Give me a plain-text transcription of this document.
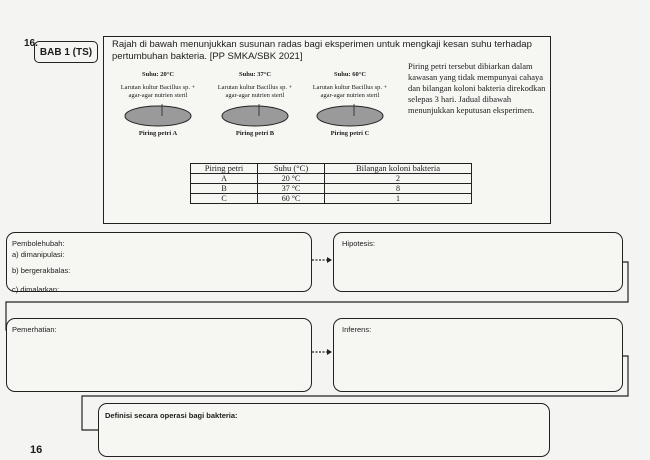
16.
BAB 1 (TS)
Rajah di bawah menunjukkan susunan radas bagi eksperimen untuk mengkaji kesan suhu terhadap pertumbuhan bakteria. [PP SMKA/SBK 2021]
Suhu: 20°C
Larutan kultur Bacillus sp. + agar-agar nutrien steril
Piring petri A
Suhu: 37°C
Larutan kultur Bacillus sp. + agar-agar nutrien steril
Piring petri B
Suhu: 60°C
Larutan kultur Bacillus sp. + agar-agar nutrien steril
Piring petri C
Piring petri tersebut dibiarkan dalam kawasan yang tidak mempunyai cahaya dan bilangan koloni bakteria direkodkan selepas 3 hari. Jadual dibawah menunjukkan keputusan eksperimen.
Piring petri	Suhu (°C)	Bilangan koloni bakteria
A	20 °C	2
B	37 °C	8
C	60 °C	1
Pembolehubah:
a) dimanipulasi:
b) bergerakbalas:
c) dimalarkan:
Hipotesis:
Pemerhatian:	Inferens:
Definisi secara operasi bagi bakteria:
16
